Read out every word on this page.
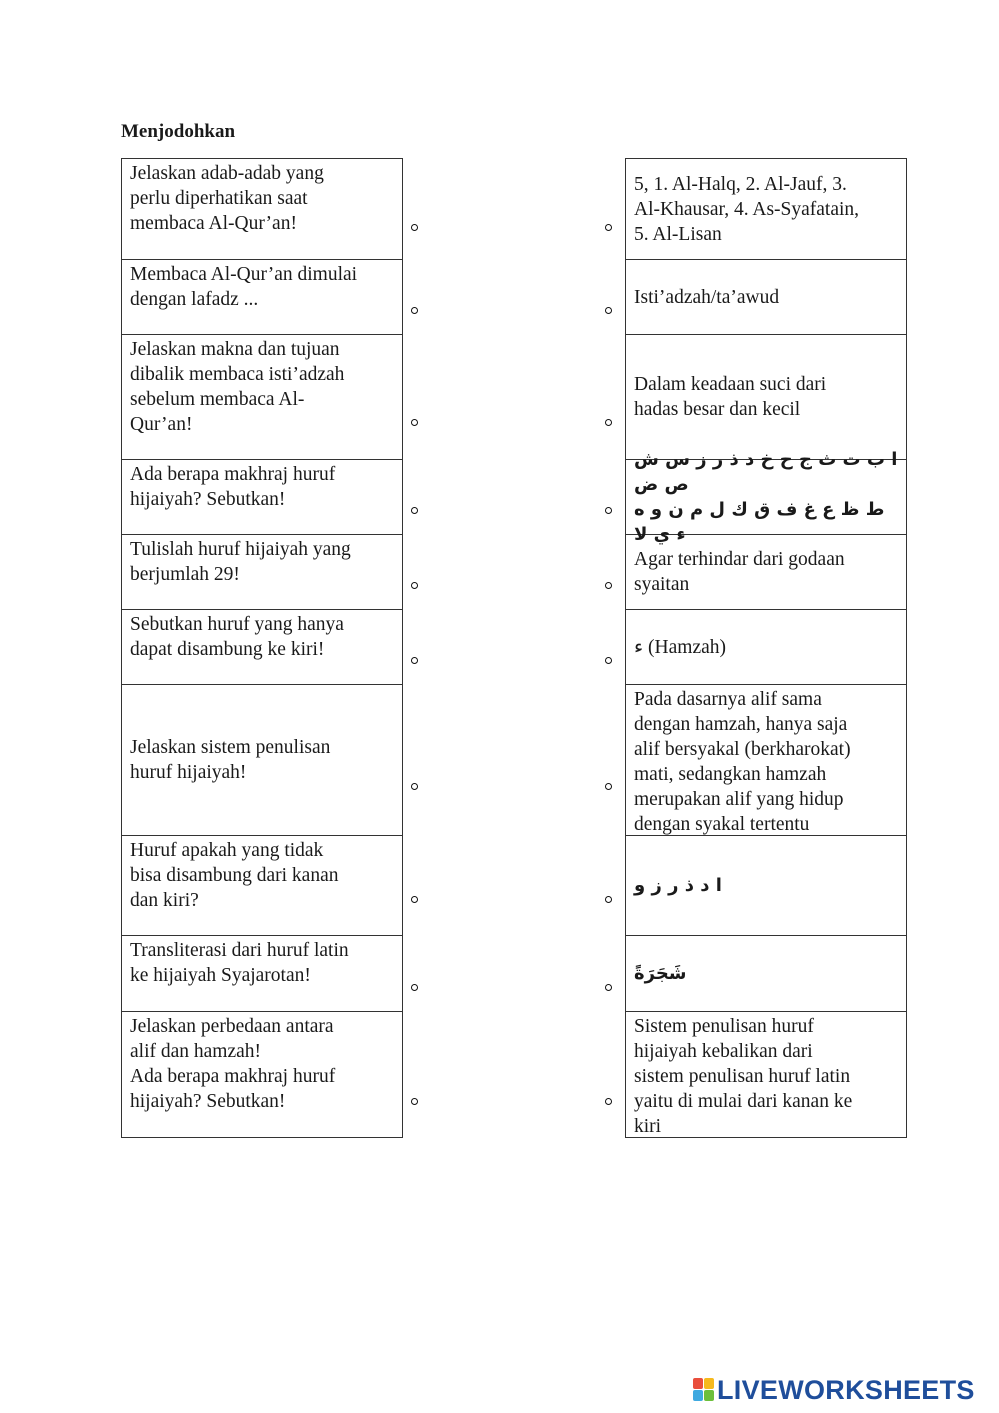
Menjodohkan
Jelaskan adab-adab yang
perlu diperhatikan saat
membaca Al-Qur’an!
Membaca Al-Qur’an dimulai
dengan lafadz ...
Jelaskan makna dan tujuan
dibalik membaca isti’adzah
sebelum membaca Al-
Qur’an!
Ada berapa makhraj huruf
hijaiyah? Sebutkan!
Tulislah huruf hijaiyah yang
berjumlah 29!
Sebutkan huruf yang hanya
dapat disambung ke kiri!
Jelaskan sistem penulisan
huruf hijaiyah!
Huruf apakah yang tidak
bisa disambung dari kanan
dan kiri?
Transliterasi dari huruf latin
ke hijaiyah Syajarotan!
Jelaskan perbedaan antara
alif dan hamzah!
Ada berapa makhraj huruf
hijaiyah? Sebutkan!
5, 1. Al-Halq, 2. Al-Jauf, 3.
Al-Khausar, 4. As-Syafatain,
5. Al-Lisan
Isti’adzah/ta’awud
Dalam keadaan suci dari
hadas besar dan kecil
ا ب ت ث ج ح خ د ذ ر ز س ش ص ض
ط ظ ع غ ف ق ك ل م ن و ه ء ي لا
Agar terhindar dari godaan
syaitan
ء (Hamzah)
Pada dasarnya alif sama
dengan hamzah, hanya saja
alif bersyakal (berkharokat)
mati, sedangkan hamzah
merupakan alif yang hidup
dengan syakal tertentu
ا د ذ ر ز و
شَجَرَةً
Sistem penulisan huruf
hijaiyah kebalikan dari
sistem penulisan huruf latin
yaitu di mulai dari kanan ke
kiri
LIVEWORKSHEETS
